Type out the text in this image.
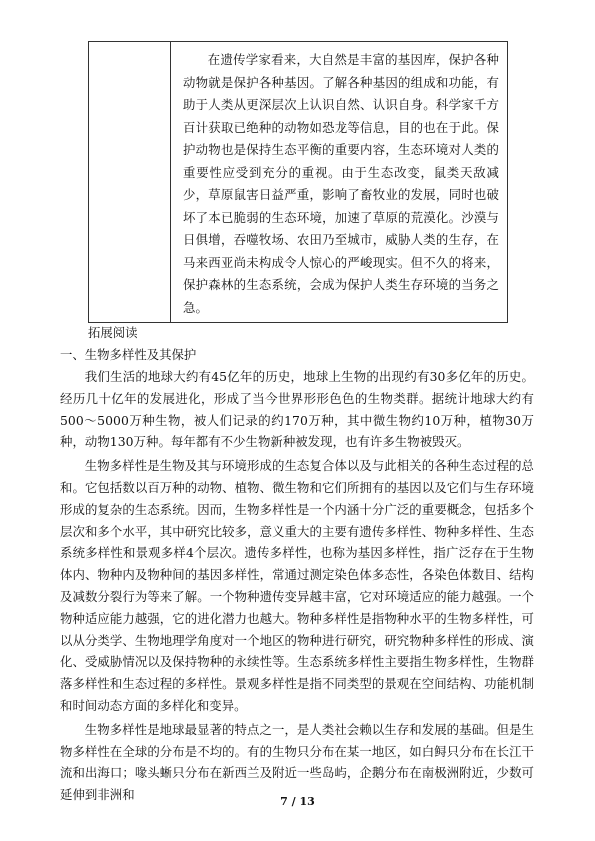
在遗传学家看来，大自然是丰富的基因库，保护各种动物就是保护各种基因。了解各种基因的组成和功能，有助于人类从更深层次上认识自然、认识自身。科学家千方百计获取已绝种的动物如恐龙等信息，目的也在于此。保护动物也是保持生态平衡的重要内容，生态环境对人类的重要性应受到充分的重视。由于生态改变，鼠类天敌减少，草原鼠害日益严重，影响了畜牧业的发展，同时也破坏了本已脆弱的生态环境，加速了草原的荒漠化。沙漠与日俱增，吞噬牧场、农田乃至城市，威胁人类的生存，在马来西亚尚未构成令人惊心的严峻现实。但不久的将来，保护森林的生态系统，会成为保护人类生存环境的当务之急。

拓展阅读

一、生物多样性及其保护

我们生活的地球大约有45亿年的历史，地球上生物的出现约有30多亿年的历史。经历几十亿年的发展进化，形成了当今世界形形色色的生物类群。据统计地球大约有500～5000万种生物，被人们记录的约170万种，其中微生物约10万种，植物30万种，动物130万种。每年都有不少生物新种被发现，也有许多生物被毁灭。

生物多样性是生物及其与环境形成的生态复合体以及与此相关的各种生态过程的总和。它包括数以百万种的动物、植物、微生物和它们所拥有的基因以及它们与生存环境形成的复杂的生态系统。因而，生物多样性是一个内涵十分广泛的重要概念，包括多个层次和多个水平，其中研究比较多，意义重大的主要有遗传多样性、物种多样性、生态系统多样性和景观多样4个层次。遗传多样性，也称为基因多样性，指广泛存在于生物体内、物种内及物种间的基因多样性，常通过测定染色体多态性，各染色体数目、结构及减数分裂行为等来了解。一个物种遗传变异越丰富，它对环境适应的能力越强。一个物种适应能力越强，它的进化潜力也越大。物种多样性是指物种水平的生物多样性，可以从分类学、生物地理学角度对一个地区的物种进行研究，研究物种多样性的形成、演化、受威胁情况以及保持物种的永续性等。生态系统多样性主要指生物多样性，生物群落多样性和生态过程的多样性。景观多样性是指不同类型的景观在空间结构、功能机制和时间动态方面的多样化和变异。

生物多样性是地球最显著的特点之一，是人类社会赖以生存和发展的基础。但是生物多样性在全球的分布是不均的。有的生物只分布在某一地区，如白鲟只分布在长江干流和出海口；喙头蜥只分布在新西兰及附近一些岛屿，企鹅分布在南极洲附近，少数可延伸到非洲和	7 / 13
